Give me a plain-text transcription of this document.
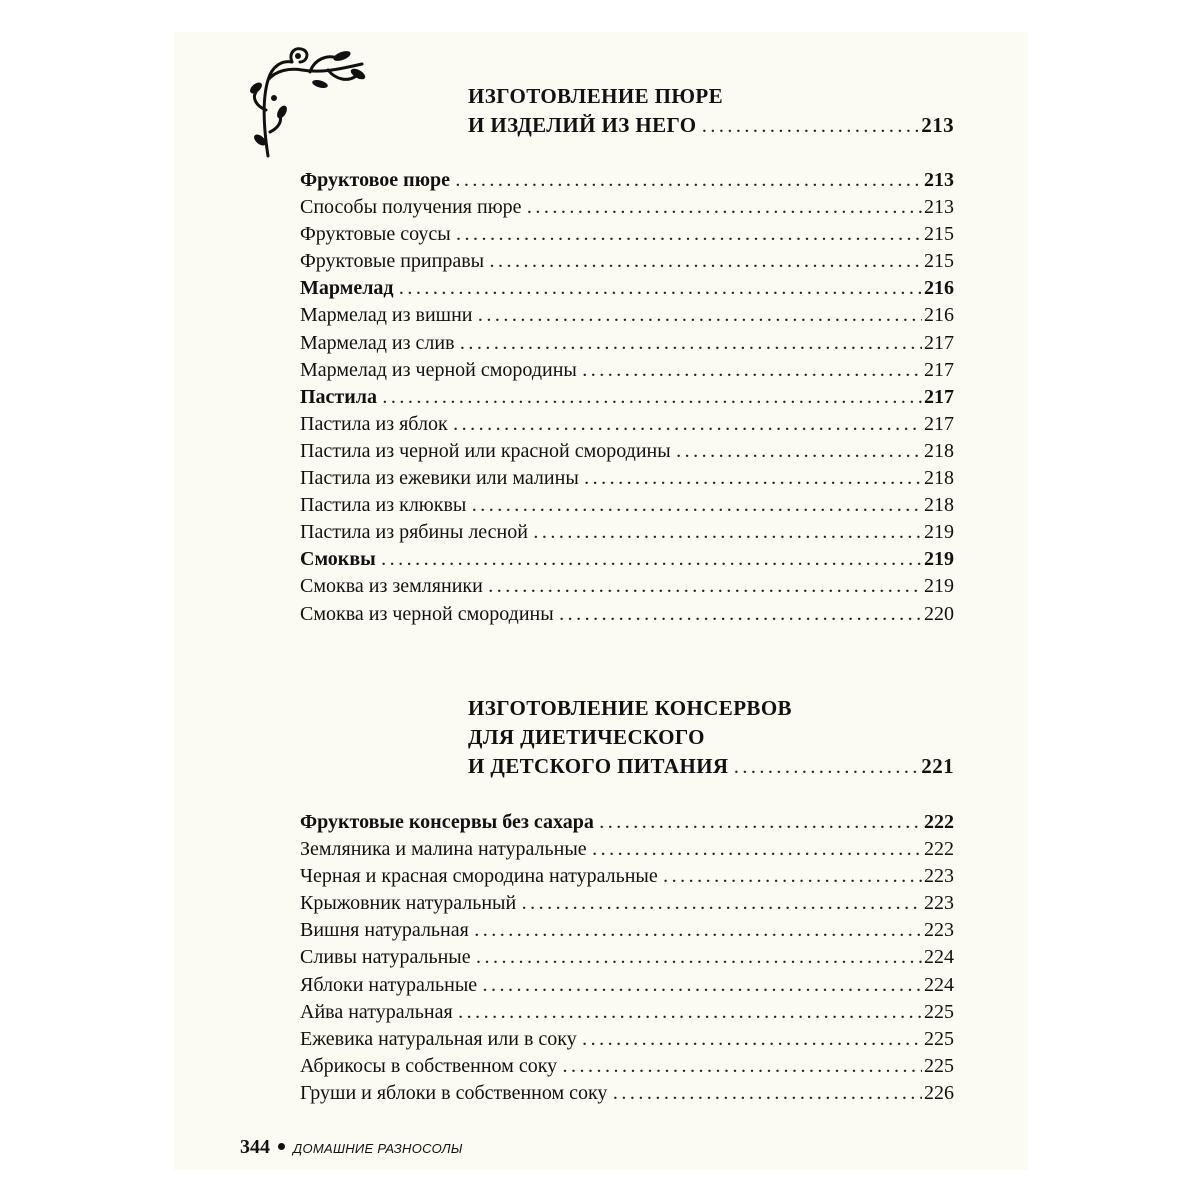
ИЗГОТОВЛЕНИЕ ПЮРЕ
И ИЗДЕЛИЙ ИЗ НЕГО . . .	213
Фруктовое пюре . . .	213
Способы получения пюре . . .	213
Фруктовые соусы . . .	215
Фруктовые приправы . . .	215
Мармелад . . .	216
Мармелад из вишни . . .	216
Мармелад из слив . . .	217
Мармелад из черной смородины . . .	217
Пастила . . .	217
Пастила из яблок . . .	217
Пастила из черной или красной смородины . . .	218
Пастила из ежевики или малины . . .	218
Пастила из клюквы . . .	218
Пастила из рябины лесной . . .	219
Смоквы . . .	219
Смоква из земляники . . .	219
Смоква из черной смородины . . .	220
ИЗГОТОВЛЕНИЕ КОНСЕРВОВ
ДЛЯ ДИЕТИЧЕСКОГО
И ДЕТСКОГО ПИТАНИЯ . . .	221
Фруктовые консервы без сахара . . .	222
Земляника и малина натуральные . . .	222
Черная и красная смородина натуральные . . .	223
Крыжовник натуральный . . .	223
Вишня натуральная . . .	223
Сливы натуральные . . .	224
Яблоки натуральные . . .	224
Айва натуральная . . .	225
Ежевика натуральная или в соку . . .	225
Абрикосы в собственном соку . . .	225
Груши и яблоки в собственном соку . . .	226
344 ДОМАШНИЕ РАЗНОСОЛЫ
